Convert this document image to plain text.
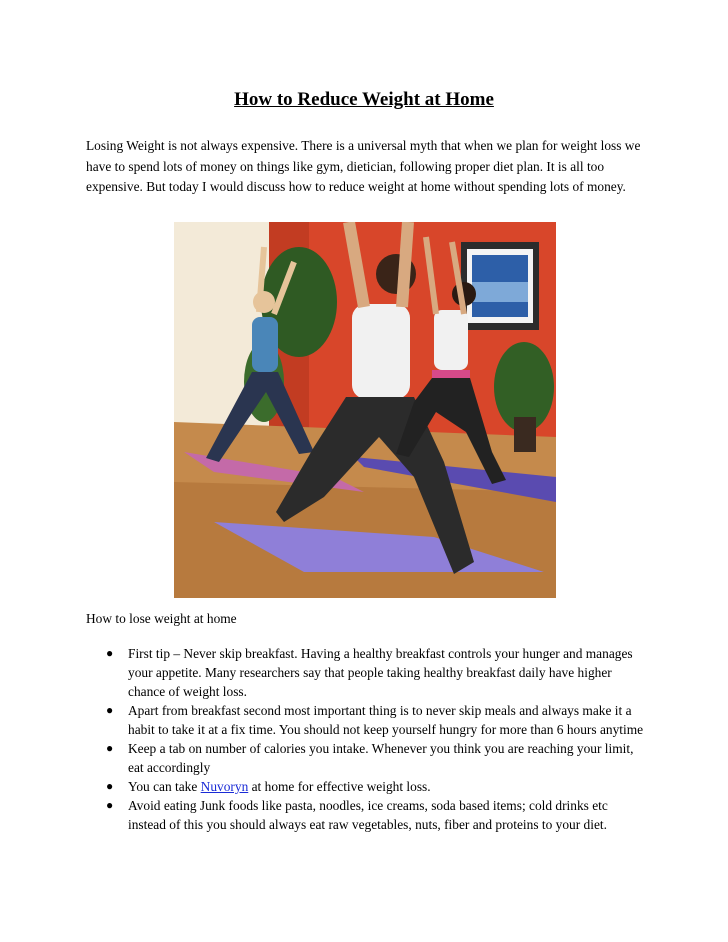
How to Reduce Weight at Home
Losing Weight is not always expensive. There is a universal myth that when we plan for weight loss we have to spend lots of money on things like gym, dietician, following proper diet plan. It is all too expensive. But today I would discuss how to reduce weight at home without spending lots of money.
How to lose weight at home
● First tip – Never skip breakfast. Having a healthy breakfast controls your hunger and manages your appetite. Many researchers say that people taking healthy breakfast daily have higher chance of weight loss.
● Apart from breakfast second most important thing is to never skip meals and always make it a habit to take it at a fix time. You should not keep yourself hungry for more than 6 hours anytime
● Keep a tab on number of calories you intake. Whenever you think you are reaching your limit, eat accordingly
● You can take Nuvoryn at home for effective weight loss.
● Avoid eating Junk foods like pasta, noodles, ice creams, soda based items; cold drinks etc instead of this you should always eat raw vegetables, nuts, fiber and proteins to your diet.
